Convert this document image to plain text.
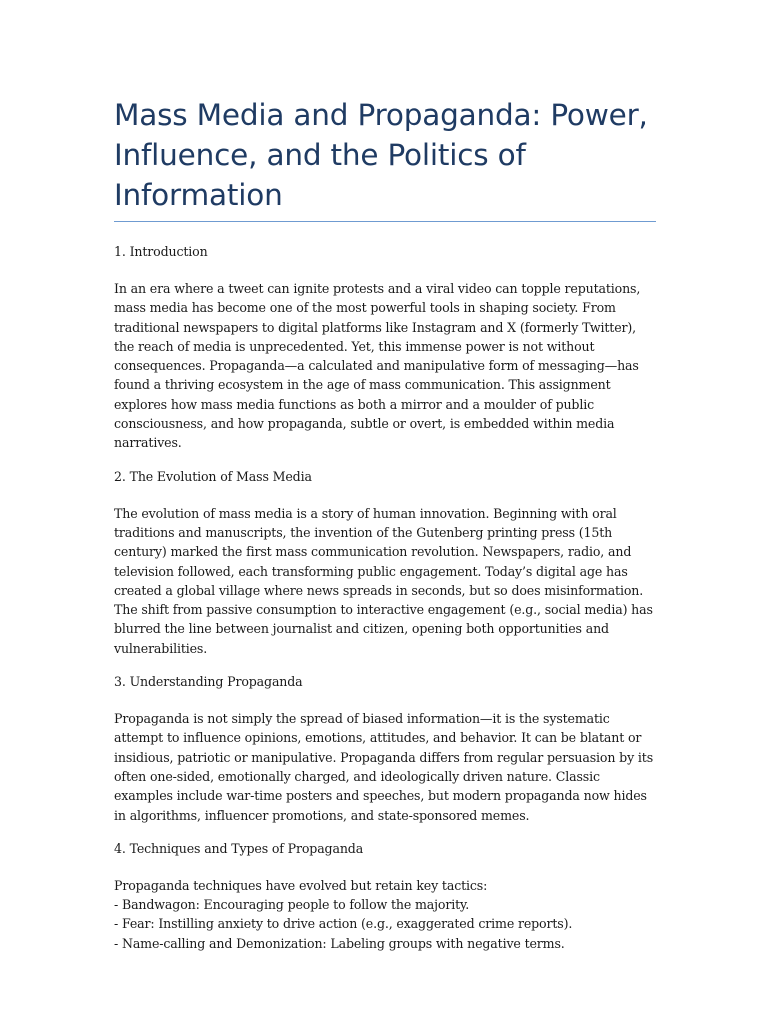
Mass Media and Propaganda: Power, Influence, and the Politics of Information

1. Introduction

In an era where a tweet can ignite protests and a viral video can topple reputations, mass media has become one of the most powerful tools in shaping society. From traditional newspapers to digital platforms like Instagram and X (formerly Twitter), the reach of media is unprecedented. Yet, this immense power is not without consequences. Propaganda—a calculated and manipulative form of messaging—has found a thriving ecosystem in the age of mass communication. This assignment explores how mass media functions as both a mirror and a moulder of public consciousness, and how propaganda, subtle or overt, is embedded within media narratives.

2. The Evolution of Mass Media

The evolution of mass media is a story of human innovation. Beginning with oral traditions and manuscripts, the invention of the Gutenberg printing press (15th century) marked the first mass communication revolution. Newspapers, radio, and television followed, each transforming public engagement. Today’s digital age has created a global village where news spreads in seconds, but so does misinformation. The shift from passive consumption to interactive engagement (e.g., social media) has blurred the line between journalist and citizen, opening both opportunities and vulnerabilities.

3. Understanding Propaganda

Propaganda is not simply the spread of biased information—it is the systematic attempt to influence opinions, emotions, attitudes, and behavior. It can be blatant or insidious, patriotic or manipulative. Propaganda differs from regular persuasion by its often one-sided, emotionally charged, and ideologically driven nature. Classic examples include war-time posters and speeches, but modern propaganda now hides in algorithms, influencer promotions, and state-sponsored memes.

4. Techniques and Types of Propaganda

Propaganda techniques have evolved but retain key tactics:
- Bandwagon: Encouraging people to follow the majority.
- Fear: Instilling anxiety to drive action (e.g., exaggerated crime reports).
- Name-calling and Demonization: Labeling groups with negative terms.
